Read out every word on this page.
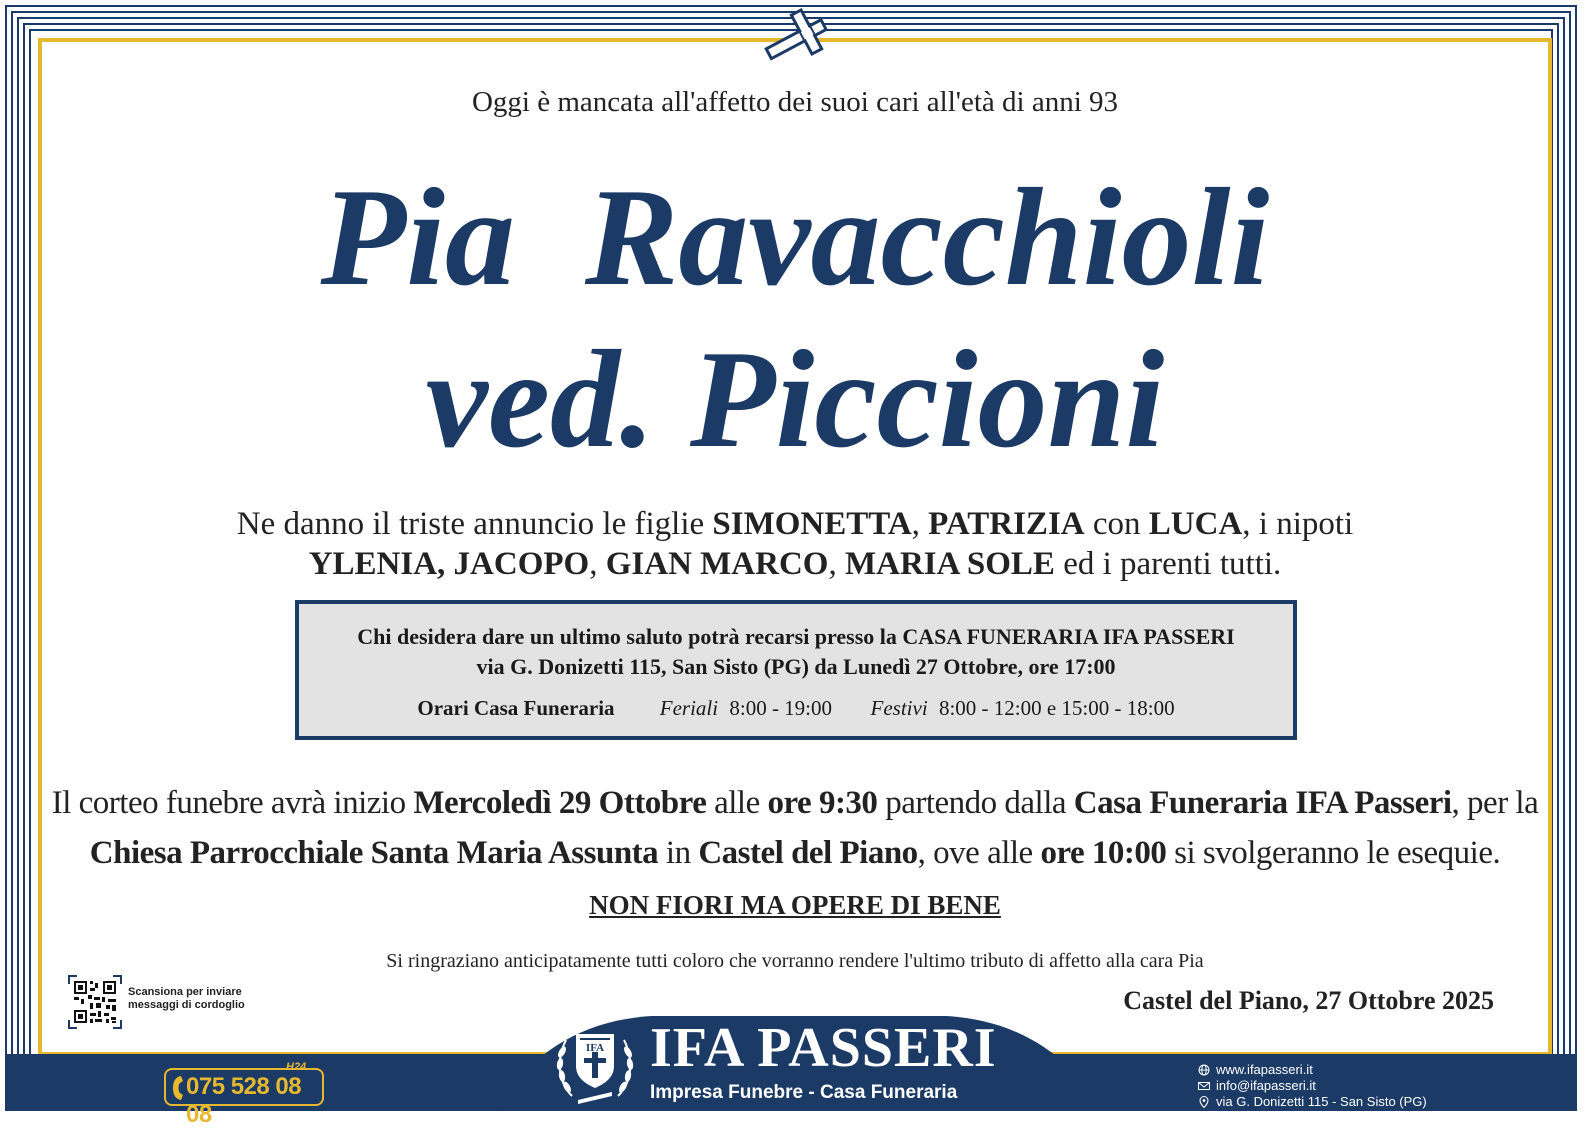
Oggi è mancata all'affetto dei suoi cari all'età di anni 93
Pia  Ravacchioli
ved. Piccioni
Ne danno il triste annuncio le figlie SIMONETTA, PATRIZIA con LUCA, i nipoti
YLENIA, JACOPO, GIAN MARCO, MARIA SOLE ed i parenti tutti.
Chi desidera dare un ultimo saluto potrà recarsi presso la CASA FUNERARIA IFA PASSERI
via G. Donizetti 115, San Sisto (PG) da Lunedì 27 Ottobre, ore 17:00
Orari Casa Funeraria Feriali 8:00 - 19:00 Festivi 8:00 - 12:00 e 15:00 - 18:00
Il corteo funebre avrà inizio Mercoledì 29 Ottobre alle ore 9:30 partendo dalla Casa Funeraria IFA Passeri, per la
Chiesa Parrocchiale Santa Maria Assunta in Castel del Piano, ove alle ore 10:00 si svolgeranno le esequie.
NON FIORI MA OPERE DI BENE
Si ringraziano anticipatamente tutti coloro che vorranno rendere l'ultimo tributo di affetto alla cara Pia
Scansiona per inviare
messaggi di cordoglio	Castel del Piano, 27 Ottobre 2025
IFA IFA PASSERI
Impresa Funebre - Casa Funeraria
075 528 08 08
H24	www.ifapasseri.it
info@ifapasseri.it
via G. Donizetti 115 - San Sisto (PG)
